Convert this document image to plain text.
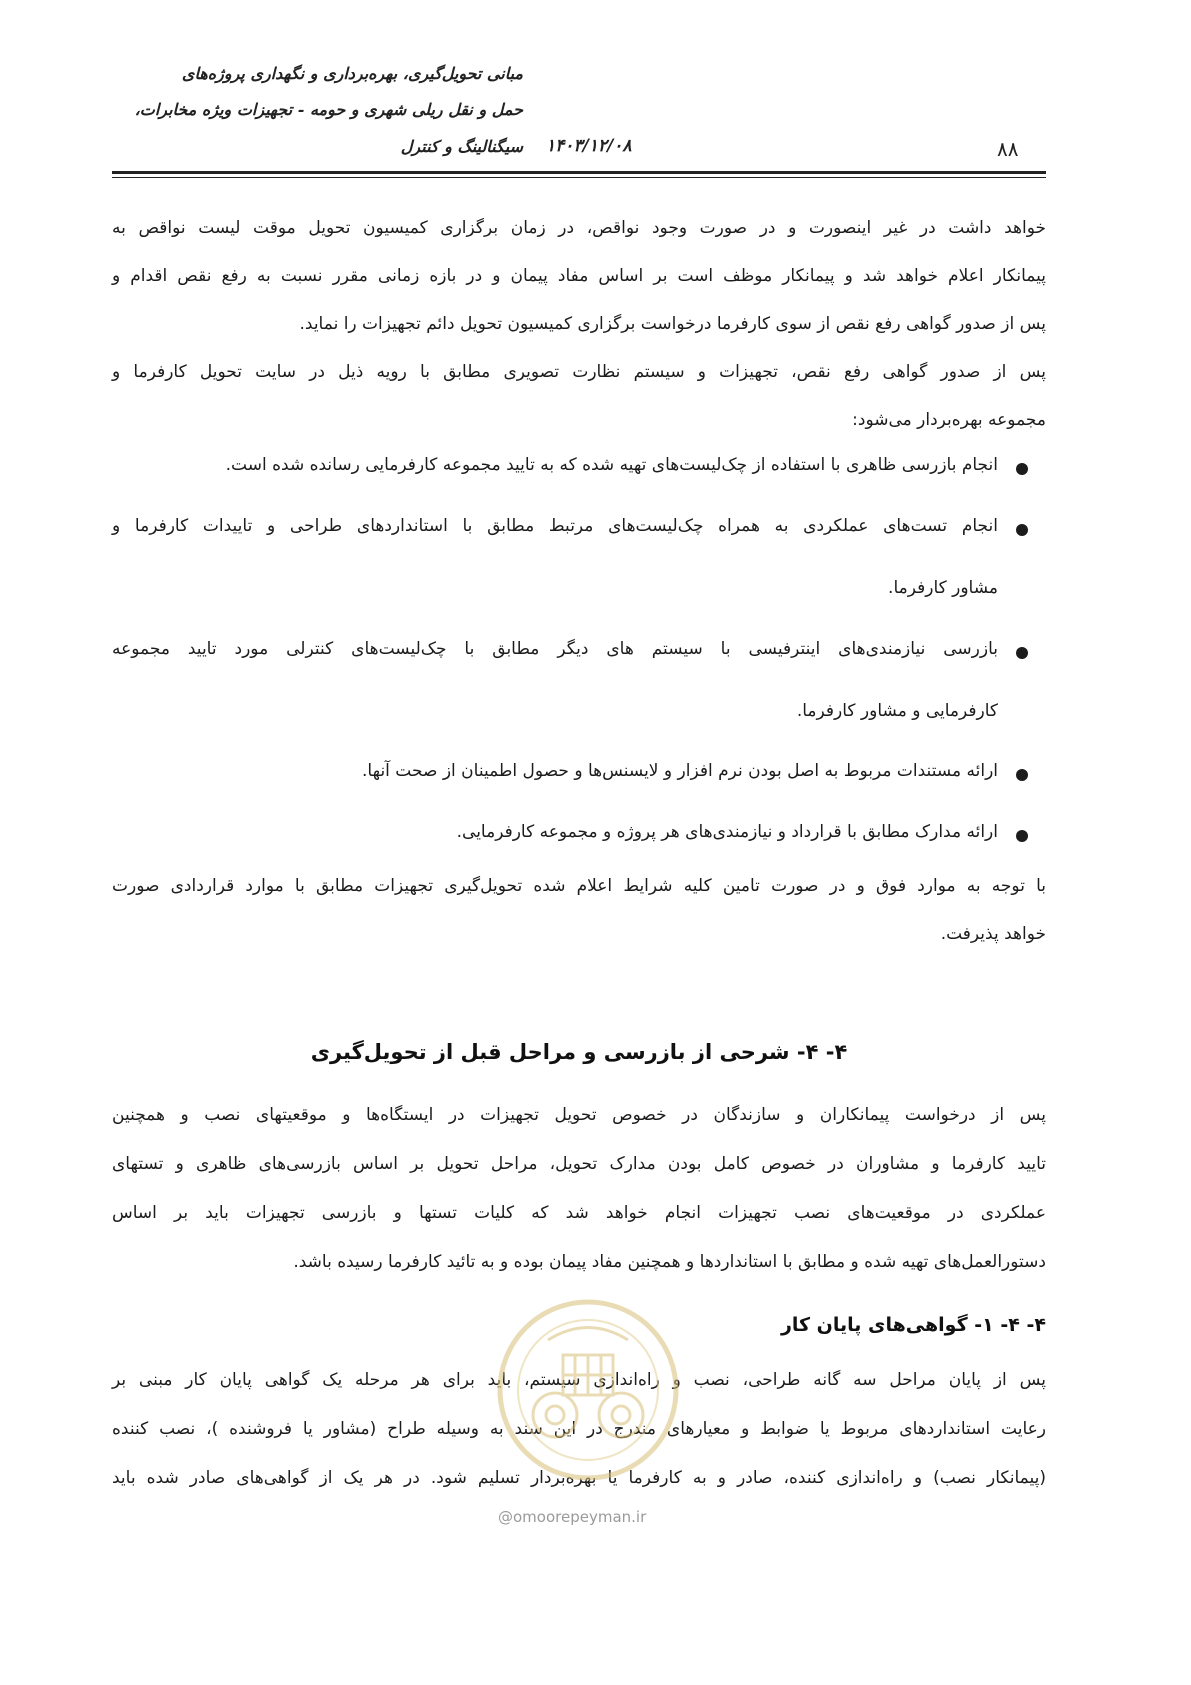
مبانی تحویل‌گیری، بهره‌برداری و نگهداری پروژه‌های
حمل و نقل ریلی شهری و حومه - تجهیزات ویژه مخابرات،
سیگنالینگ و کنترل ۱۴۰۳/۱۲/۰۸	۸۸
خواهد داشت در غیر اینصورت و در صورت وجود نواقص، در زمان برگزاری کمیسیون تحویل موقت لیست نواقص به
پیمانکار اعلام خواهد شد و پیمانکار موظف است بر اساس مفاد پیمان و در بازه زمانی مقرر نسبت به رفع نقص اقدام و
پس از صدور گواهی رفع نقص از سوی کارفرما درخواست برگزاری کمیسیون تحویل دائم تجهیزات را نماید.
پس از صدور گواهی رفع نقص، تجهیزات و سیستم نظارت تصویری مطابق با رویه ذیل در سایت تحویل کارفرما و
مجموعه بهره‌بردار می‌شود:
انجام بازرسی ظاهری با استفاده از چک‌لیست‌های تهیه شده که به تایید مجموعه کارفرمایی رسانده شده است.
انجام تست‌های عملکردی به همراه چک‌لیست‌های مرتبط مطابق با استانداردهای طراحی و تاییدات کارفرما و
مشاور کارفرما.
بازرسی نیازمندی‌های اینترفیسی با سیستم های دیگر مطابق با چک‌لیست‌های کنترلی مورد تایید مجموعه
کارفرمایی و مشاور کارفرما.
ارائه مستندات مربوط به اصل بودن نرم افزار و لایسنس‌ها و حصول اطمینان از صحت آنها.
ارائه مدارک مطابق با قرارداد و نیازمندی‌های هر پروژه و مجموعه کارفرمایی.
با توجه به موارد فوق و در صورت تامین کلیه شرایط اعلام شده تحویل‌گیری تجهیزات مطابق با موارد قراردادی صورت
خواهد پذیرفت.
۴- ۴- شرحی از بازرسی و مراحل قبل از تحویل‌گیری
پس از درخواست پیمانکاران و سازندگان در خصوص تحویل تجهیزات در ایستگاه‌ها و موقعیتهای نصب و همچنین
تایید کارفرما و مشاوران در خصوص کامل بودن مدارک تحویل، مراحل تحویل بر اساس بازرسی‌های ظاهری و تستهای
عملکردی در موقعیت‌های نصب تجهیزات انجام خواهد شد که کلیات تستها و بازرسی تجهیزات باید بر اساس
دستورالعمل‌های تهیه شده و مطابق با استانداردها و همچنین مفاد پیمان بوده و به تائید کارفرما رسیده باشد.
۴- ۴- ۱- گواهی‌های پایان کار
پس از پایان مراحل سه گانه طراحی، نصب و راه‌اندازی سیستم، باید برای هر مرحله یک گواهی پایان کار مبنی بر
رعایت استانداردهای مربوط یا ضوابط و معیارهای مندرج در این سند به وسیله طراح (مشاور یا فروشنده )، نصب کننده
(پیمانکار نصب) و راه‌اندازی کننده، صادر و به کارفرما یا بهره‌بردار تسلیم شود. در هر یک از گواهی‌های صادر شده باید
@omoorepeyman.ir
